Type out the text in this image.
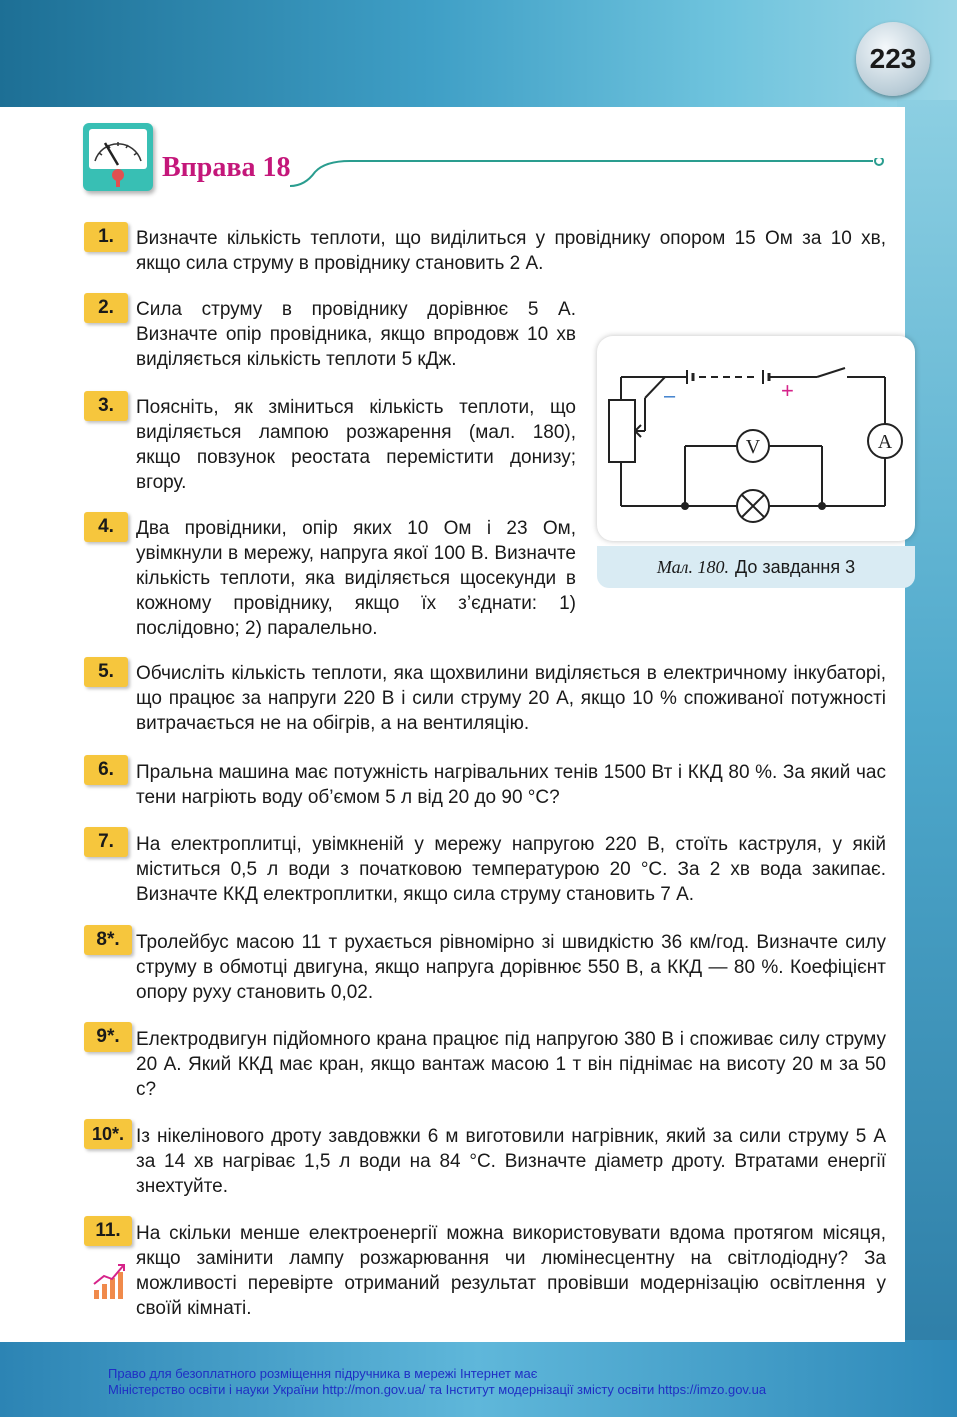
223
Вправа 18
1.	Визначте кількість теплоти, що виділиться у провіднику опором 15 Ом за 10 хв, якщо сила струму в провіднику становить 2 А.
2.	Сила струму в провіднику дорівнює 5 А. Визначте опір провідника, якщо впродовж 10 хв виділяється кількість теплоти 5 кДж.
3.	Поясніть, як зміниться кількість теплоти, що виділяється лампою розжарення (мал. 180), якщо повзунок реостата перемістити донизу; вгору.
4.	Два провідники, опір яких 10 Ом і 23 Ом, увімкнули в мережу, напруга якої 100 В. Визначте кількість теплоти, яка виділяється щосекунди в кожному провіднику, якщо їх з’єднати: 1) послідовно; 2) паралельно.
5.	Обчисліть кількість теплоти, яка щохвилини виділяється в електричному інкубаторі, що працює за напруги 220 В і сили струму 20 А, якщо 10 % споживаної потужності витрачається не на обігрів, а на вентиляцію.
6.	Пральна машина має потужність нагрівальних тенів 1500 Вт і ККД 80 %. За який час тени нагріють воду об’ємом 5 л від 20 до 90 °С?
7.	На електроплитці, увімкненій у мережу напругою 220 В, стоїть каструля, у якій міститься 0,5 л води з початковою температурою 20 °С. За 2 хв вода закипає. Визначте ККД електроплитки, якщо сила струму становить 7 А.
8*. Тролейбус масою 11 т рухається рівномірно зі швидкістю 36 км/год. Визначте силу струму в обмотці двигуна, якщо напруга дорівнює 550 В, а ККД — 80 %. Коефіцієнт опору руху становить 0,02.
9*. Електродвигун підйомного крана працює під напругою 380 В і споживає силу струму 20 А. Який ККД має кран, якщо вантаж масою 1 т він піднімає на висоту 20 м за 50 с?
10*. Із нікелінового дроту завдовжки 6 м виготовили нагрівник, який за сили струму 5 А за 14 хв нагріває 1,5 л води на 84 °С. Визначте діаметр дроту. Втратами енергії знехтуйте.
11. На скільки менше електроенергії можна використовувати вдома протягом місяця, якщо замінити лампу розжарювання чи люмінесцентну на світлодіодну? За можливості перевірте отриманий результат провівши модернізацію освітлення у своїй кімнаті.
–	+
V	A
Мал. 180. До завдання 3
Право для безоплатного розміщення підручника в мережі Інтернет має
Міністерство освіти і науки України http://mon.gov.ua/ та Інститут модернізації змісту освіти https://imzo.gov.ua
